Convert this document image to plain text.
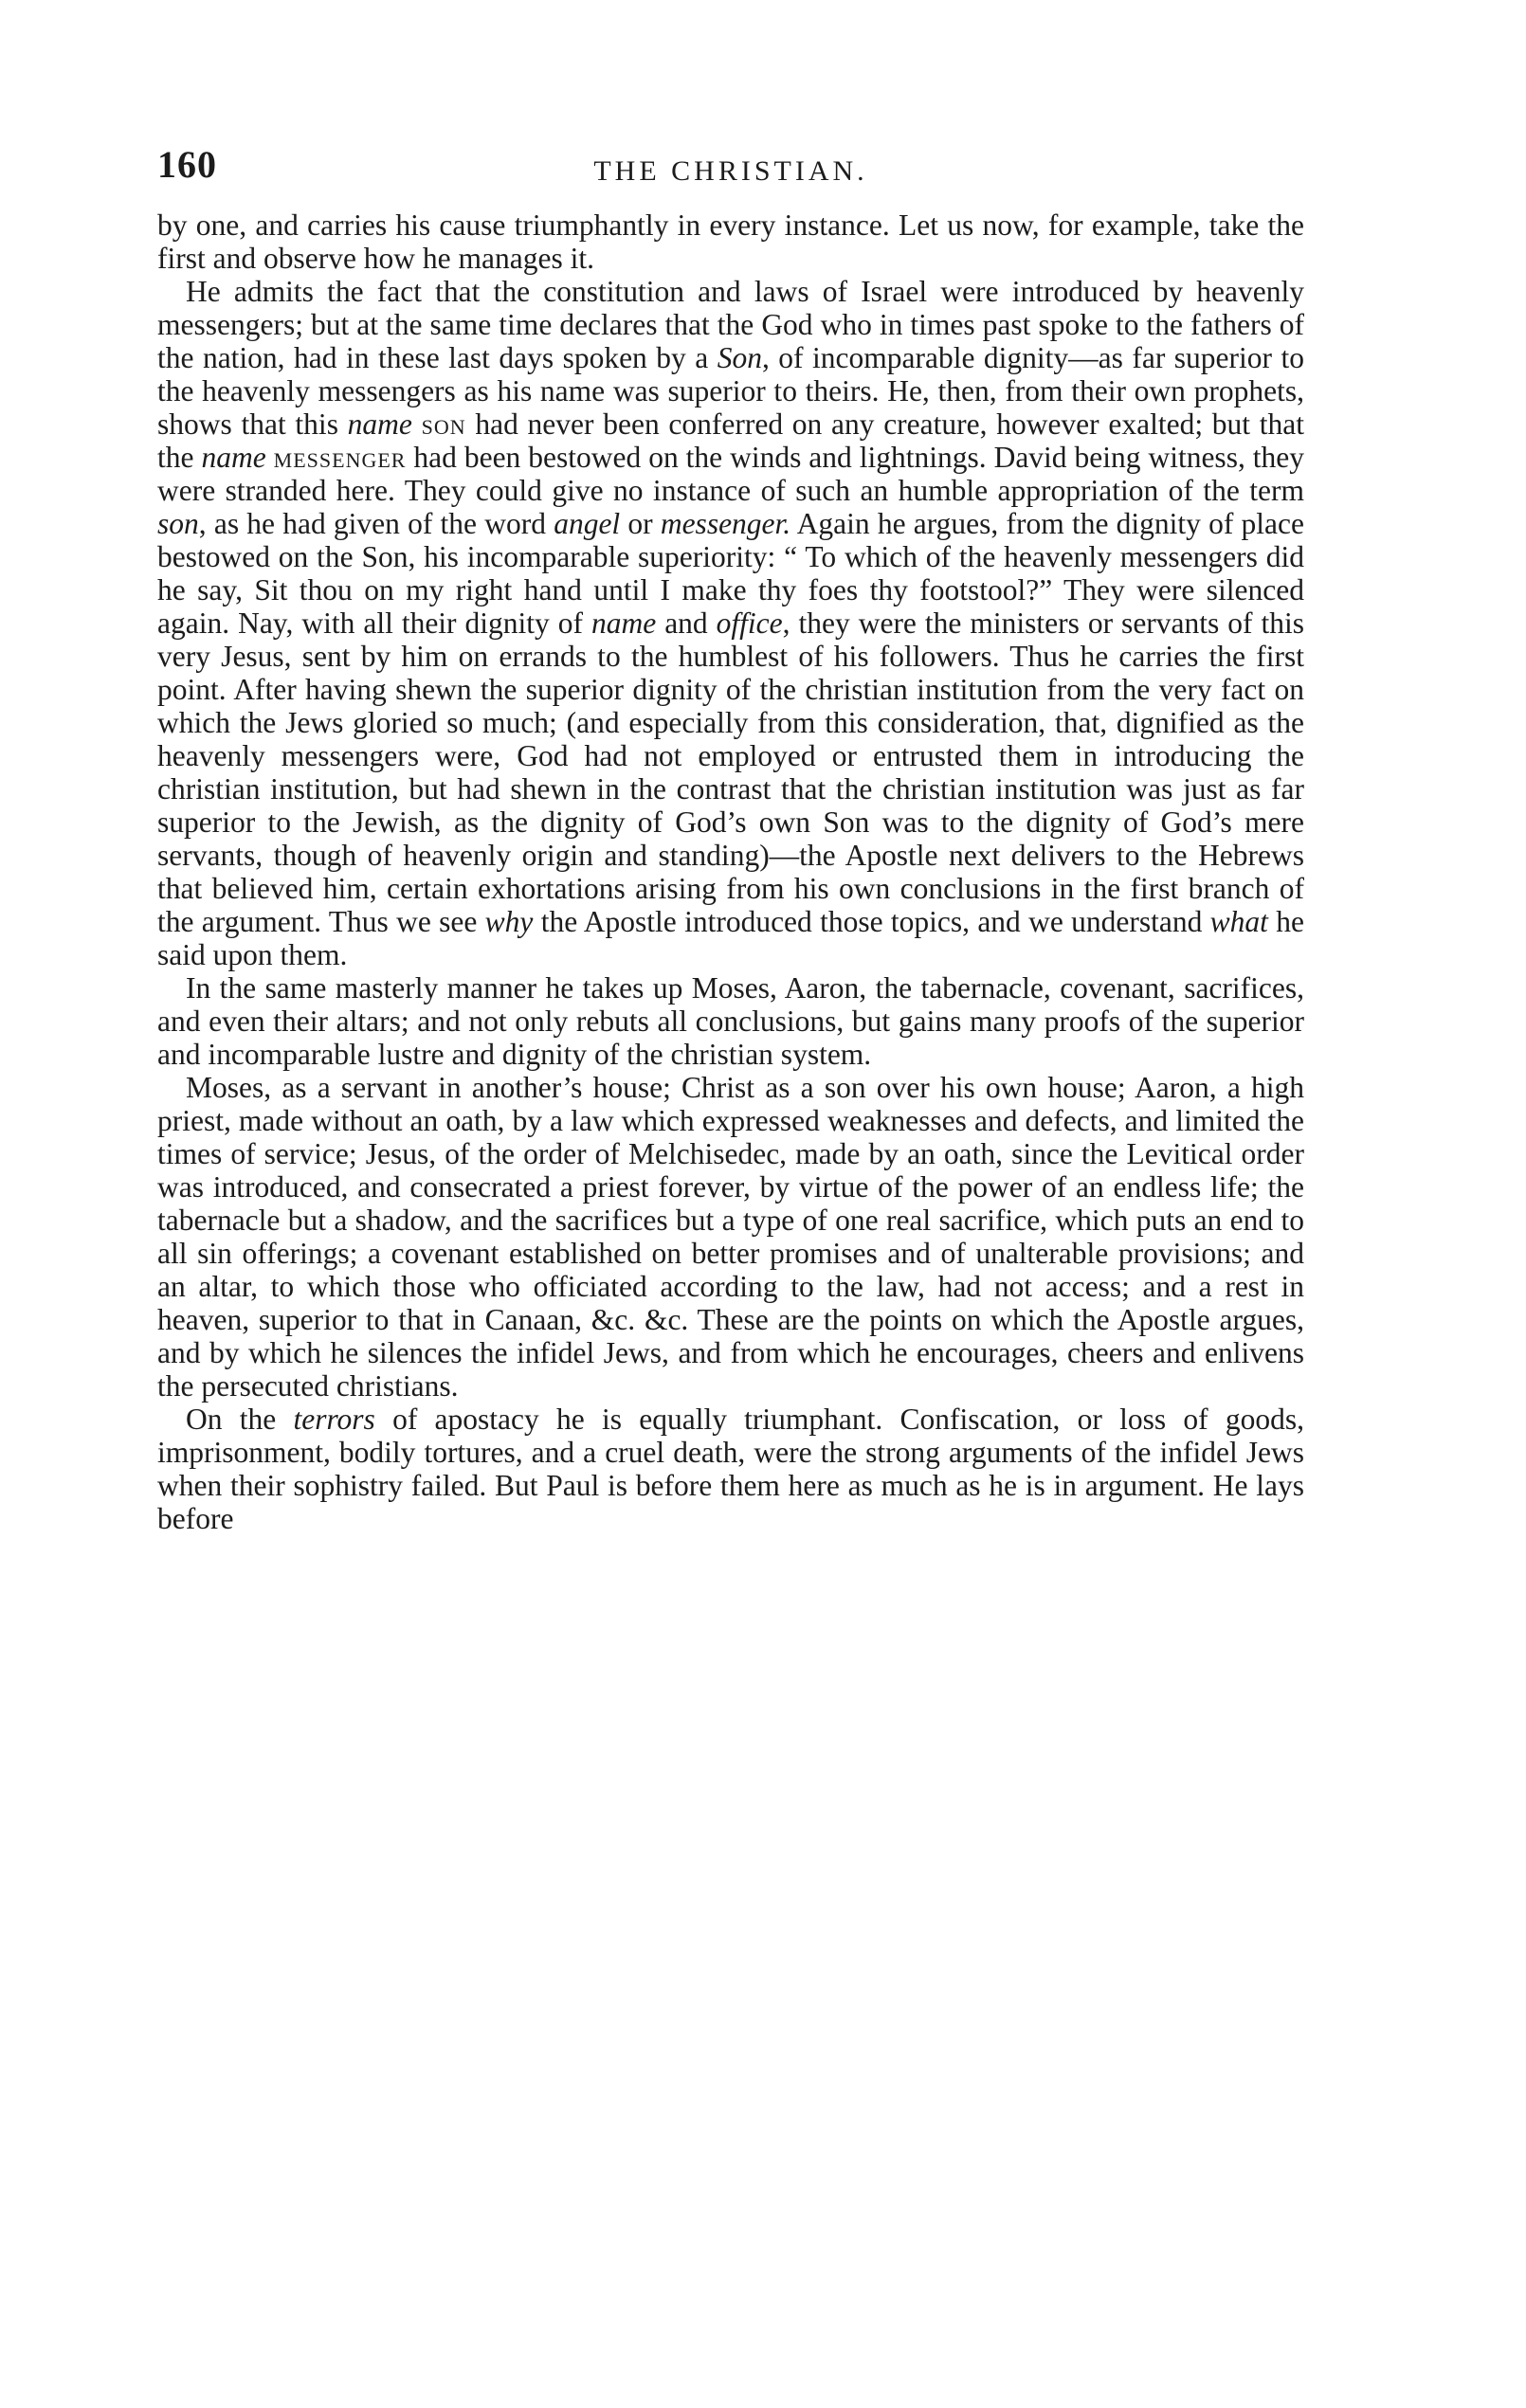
160	THE CHRISTIAN.

by one, and carries his cause triumphantly in every instance. Let us now, for example, take the first and observe how he manages it.

He admits the fact that the constitution and laws of Israel were introduced by heavenly messengers; but at the same time declares that the God who in times past spoke to the fathers of the nation, had in these last days spoken by a Son, of incomparable dignity—as far superior to the heavenly messengers as his name was superior to theirs. He, then, from their own prophets, shows that this name son had never been conferred on any creature, however exalted; but that the name messenger had been bestowed on the winds and lightnings. David being witness, they were stranded here. They could give no instance of such an humble appropriation of the term son, as he had given of the word angel or messenger. Again he argues, from the dignity of place bestowed on the Son, his incomparable superiority: “ To which of the heavenly messengers did he say, Sit thou on my right hand until I make thy foes thy footstool?” They were silenced again. Nay, with all their dignity of name and office, they were the ministers or servants of this very Jesus, sent by him on errands to the humblest of his followers. Thus he carries the first point. After having shewn the superior dignity of the christian institution from the very fact on which the Jews gloried so much; (and especially from this consideration, that, dignified as the heavenly messengers were, God had not employed or entrusted them in introducing the christian institution, but had shewn in the contrast that the christian institution was just as far superior to the Jewish, as the dignity of God’s own Son was to the dignity of God’s mere servants, though of heavenly origin and standing)—the Apostle next delivers to the Hebrews that believed him, certain exhortations arising from his own conclusions in the first branch of the argument. Thus we see why the Apostle introduced those topics, and we understand what he said upon them.

In the same masterly manner he takes up Moses, Aaron, the tabernacle, covenant, sacrifices, and even their altars; and not only rebuts all conclusions, but gains many proofs of the superior and incomparable lustre and dignity of the christian system.

Moses, as a servant in another’s house; Christ as a son over his own house; Aaron, a high priest, made without an oath, by a law which expressed weaknesses and defects, and limited the times of service; Jesus, of the order of Melchisedec, made by an oath, since the Levitical order was introduced, and consecrated a priest forever, by virtue of the power of an endless life; the tabernacle but a shadow, and the sacrifices but a type of one real sacrifice, which puts an end to all sin offerings; a covenant established on better promises and of unalterable provisions; and an altar, to which those who officiated according to the law, had not access; and a rest in heaven, superior to that in Canaan, &c. &c. These are the points on which the Apostle argues, and by which he silences the infidel Jews, and from which he encourages, cheers and enlivens the persecuted christians.

On the terrors of apostacy he is equally triumphant. Confiscation, or loss of goods, imprisonment, bodily tortures, and a cruel death, were the strong arguments of the infidel Jews when their sophistry failed. But Paul is before them here as much as he is in argument. He lays before
